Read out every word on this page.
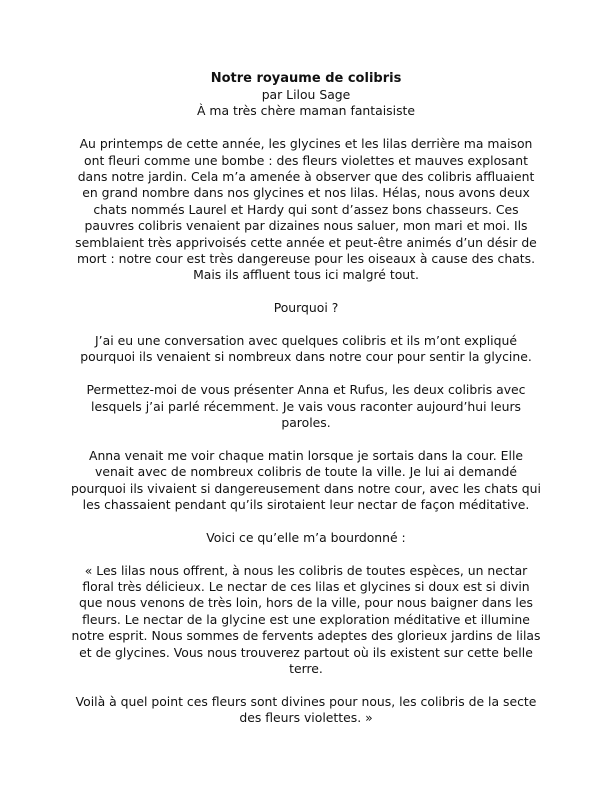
Notre royaume de colibris

par Lilou Sage

À ma très chère maman fantaisiste

Au printemps de cette année, les glycines et les lilas derrière ma maison ont fleuri comme une bombe : des fleurs violettes et mauves explosant dans notre jardin. Cela m’a amenée à observer que des colibris affluaient en grand nombre dans nos glycines et nos lilas. Hélas, nous avons deux chats nommés Laurel et Hardy qui sont d’assez bons chasseurs. Ces pauvres colibris venaient par dizaines nous saluer, mon mari et moi. Ils semblaient très apprivoisés cette année et peut-être animés d’un désir de mort : notre cour est très dangereuse pour les oiseaux à cause des chats. Mais ils affluent tous ici malgré tout.

Pourquoi ?

J’ai eu une conversation avec quelques colibris et ils m’ont expliqué pourquoi ils venaient si nombreux dans notre cour pour sentir la glycine.

Permettez-moi de vous présenter Anna et Rufus, les deux colibris avec lesquels j’ai parlé récemment. Je vais vous raconter aujourd’hui leurs paroles.

Anna venait me voir chaque matin lorsque je sortais dans la cour. Elle venait avec de nombreux colibris de toute la ville. Je lui ai demandé pourquoi ils vivaient si dangereusement dans notre cour, avec les chats qui les chassaient pendant qu’ils sirotaient leur nectar de façon méditative.

Voici ce qu’elle m’a bourdonné :

« Les lilas nous offrent, à nous les colibris de toutes espèces, un nectar floral très délicieux. Le nectar de ces lilas et glycines si doux est si divin que nous venons de très loin, hors de la ville, pour nous baigner dans les fleurs. Le nectar de la glycine est une exploration méditative et illumine notre esprit. Nous sommes de fervents adeptes des glorieux jardins de lilas et de glycines. Vous nous trouverez partout où ils existent sur cette belle terre.

Voilà à quel point ces fleurs sont divines pour nous, les colibris de la secte des fleurs violettes. »
